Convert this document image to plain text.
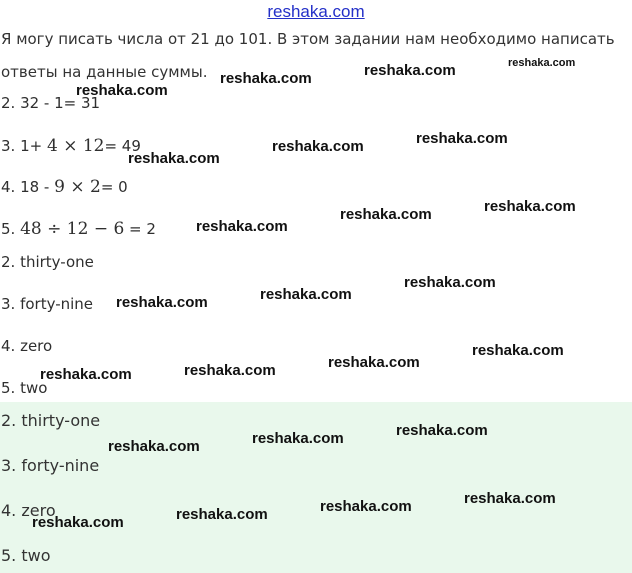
reshaka.com
Я могу писать числа от 21 до 101. В этом задании нам необходимо написать
ответы на данные суммы.
2. 32 - 1= 31
3. 1+ 4 × 12= 49
4. 18 - 9 × 2= 0
5. 48 ÷ 12 − 6 = 2
2. thirty-one
3. forty-nine
4. zero
5. two
2. thirty-one
3. forty-nine
4. zero
5. two
reshaka.com	reshaka.com	reshaka.com
reshaka.com
reshaka.com
reshaka.com
reshaka.com
reshaka.com
reshaka.com
reshaka.com
reshaka.com
reshaka.com
reshaka.com
reshaka.com
reshaka.com
reshaka.com
reshaka.com
reshaka.com
reshaka.com
reshaka.com
reshaka.com
reshaka.com
reshaka.com
reshaka.com
